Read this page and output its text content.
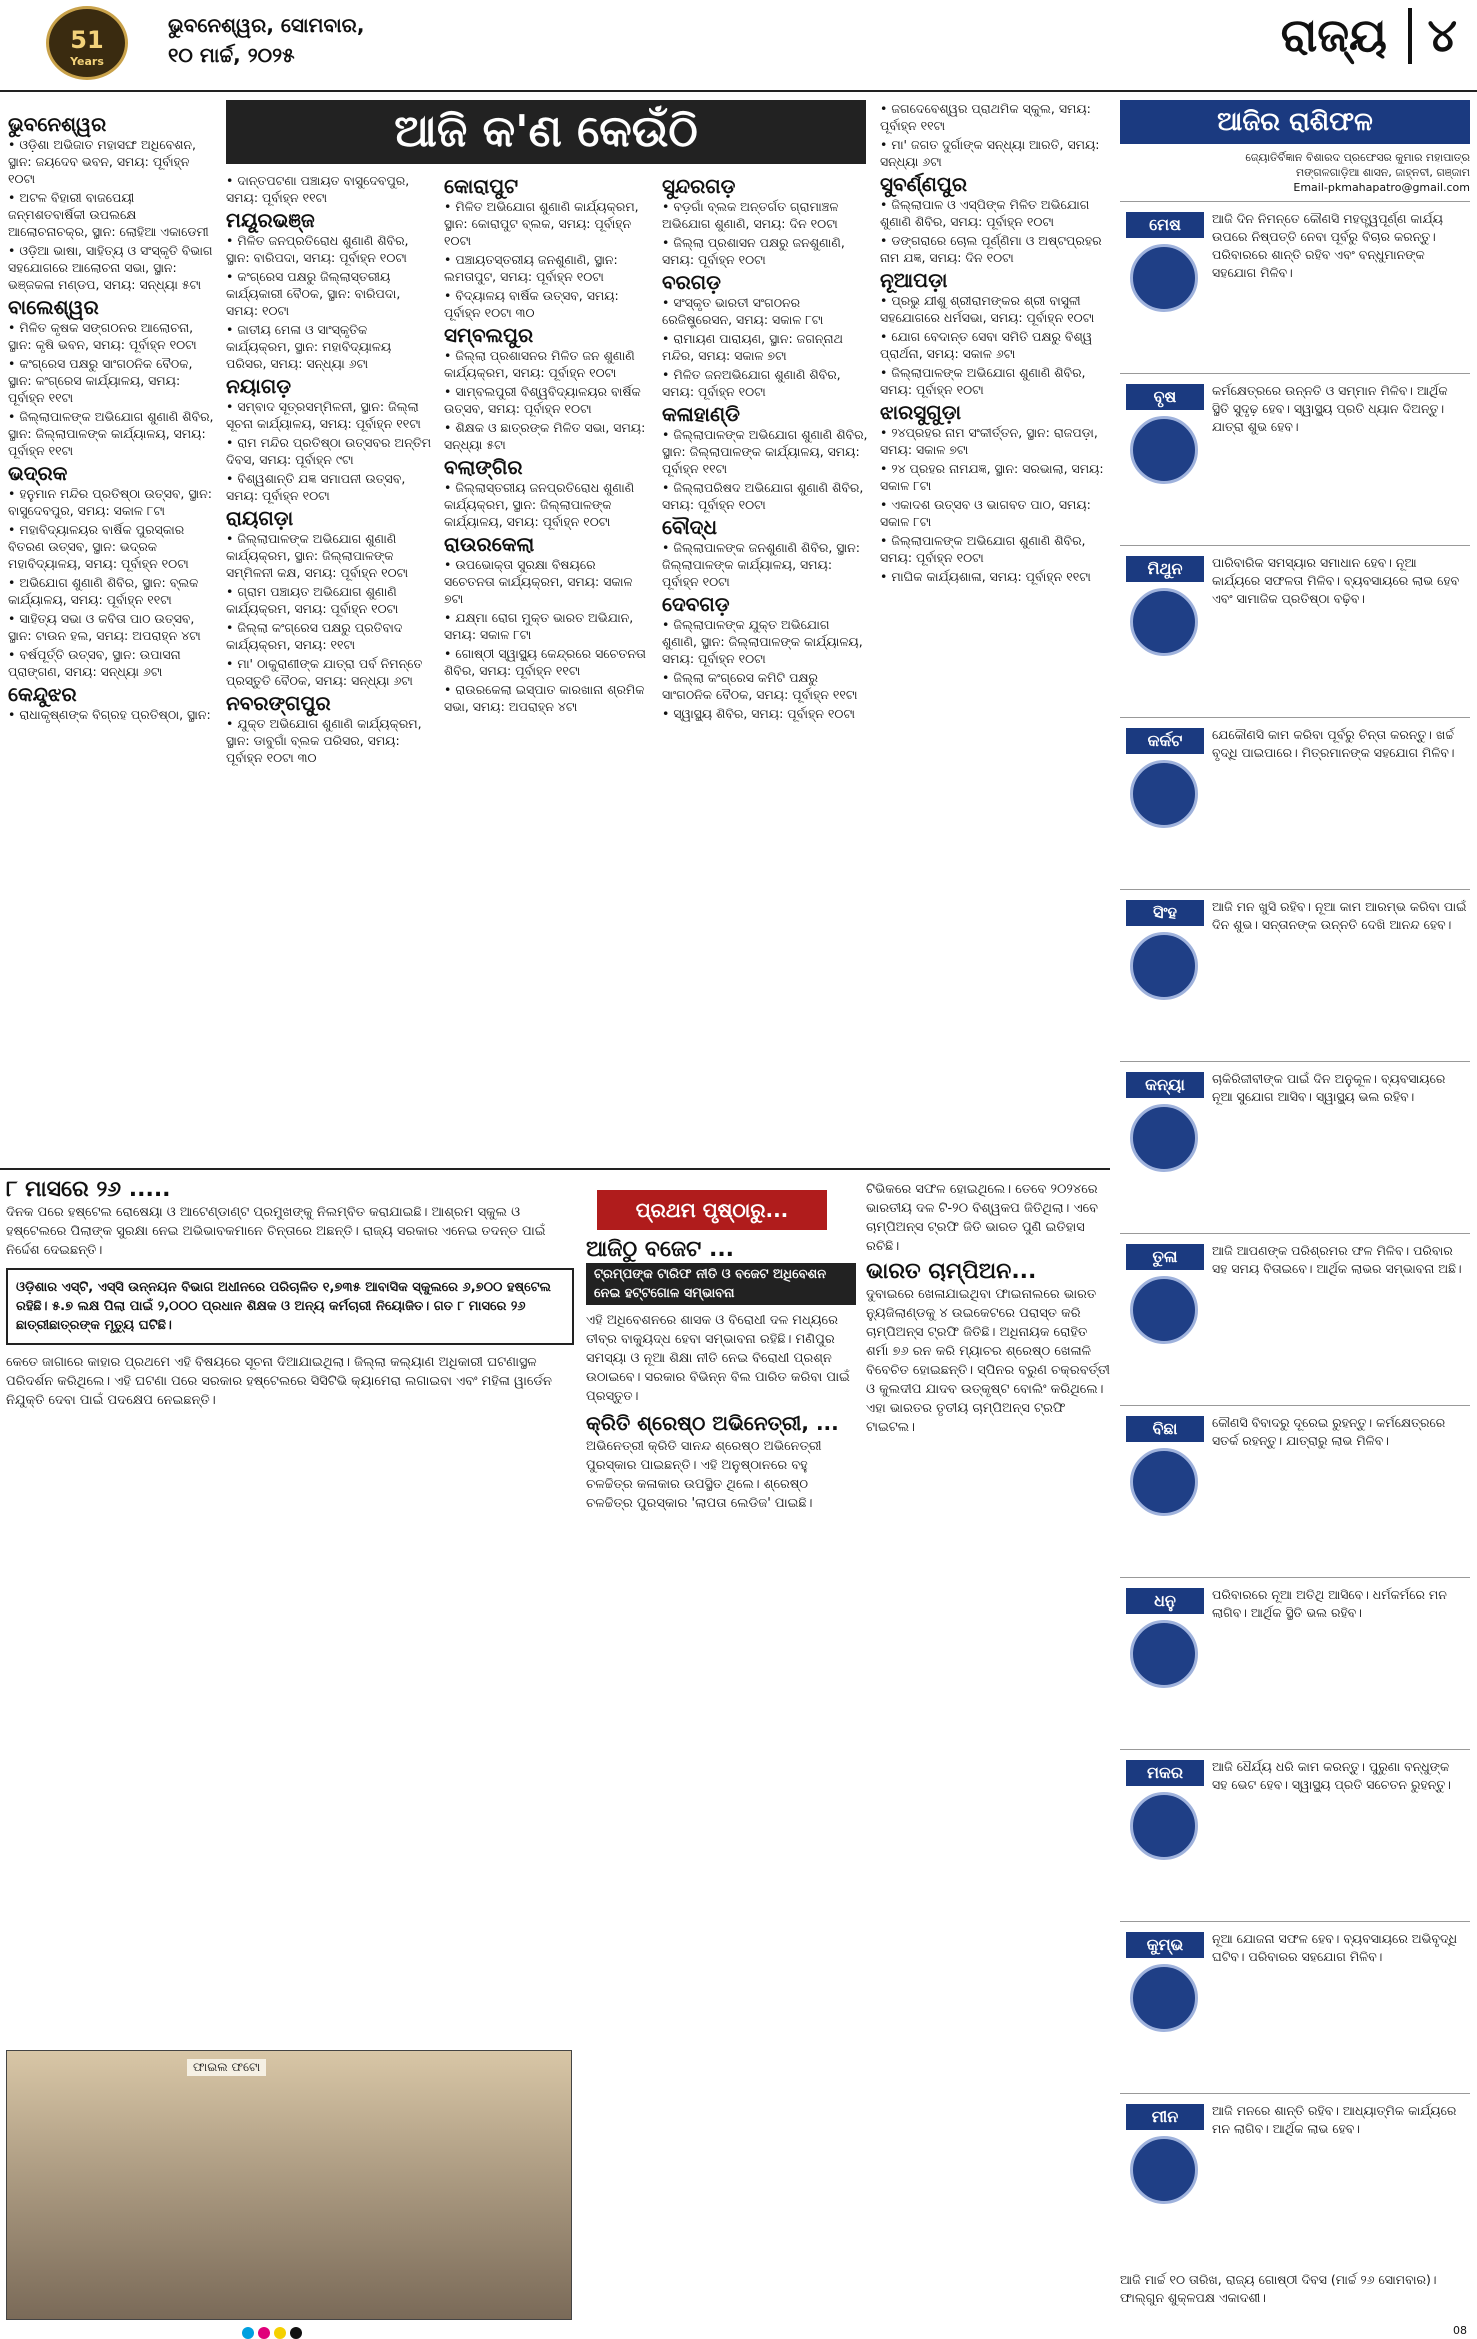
51
Years
ଭୁବନେଶ୍ୱର, ସୋମବାର,
୧୦ ମାର୍ଚ୍ଚ, ୨୦୨୫	ରାଜ୍ୟ ୪
ଆଜି କ'ଣ କେଉଁଠି
ଭୁବନେଶ୍ୱର

• ଓଡ଼ିଶା ଅଭିଜାତ ମହାସଙ୍ଘ ଅଧିବେଶନ, ସ୍ଥାନ: ଜୟଦେବ ଭବନ, ସମୟ: ପୂର୍ବାହ୍ନ ୧୦ଟା

• ଅଟଳ ବିହାରୀ ବାଜପେୟୀ ଜନ୍ମଶତବାର୍ଷିକୀ ଉପଲକ୍ଷେ ଆଲୋଚନାଚକ୍ର, ସ୍ଥାନ: ଲୋହିଆ ଏକାଡେମୀ

• ଓଡ଼ିଆ ଭାଷା, ସାହିତ୍ୟ ଓ ସଂସ୍କୃତି ବିଭାଗ ସହଯୋଗରେ ଆଲୋଚନା ସଭା, ସ୍ଥାନ: ଭଞ୍ଜକଳା ମଣ୍ଡପ, ସମୟ: ସନ୍ଧ୍ୟା ୫ଟା

ବାଲେଶ୍ୱର

• ମିଳିତ କୃଷକ ସଙ୍ଗଠନର ଆଲୋଚନା, ସ୍ଥାନ: କୃଷି ଭବନ, ସମୟ: ପୂର୍ବାହ୍ନ ୧୦ଟା

• କଂଗ୍ରେସ ପକ୍ଷରୁ ସାଂଗଠନିକ ବୈଠକ, ସ୍ଥାନ: କଂଗ୍ରେସ କାର୍ଯ୍ୟାଳୟ, ସମୟ: ପୂର୍ବାହ୍ନ ୧୧ଟା

• ଜିଲ୍ଲାପାଳଙ୍କ ଅଭିଯୋଗ ଶୁଣାଣି ଶିବିର, ସ୍ଥାନ: ଜିଲ୍ଲାପାଳଙ୍କ କାର୍ଯ୍ୟାଳୟ, ସମୟ: ପୂର୍ବାହ୍ନ ୧୧ଟା

ଭଦ୍ରକ

• ହନୁମାନ ମନ୍ଦିର ପ୍ରତିଷ୍ଠା ଉତ୍ସବ, ସ୍ଥାନ: ବାସୁଦେବପୁର, ସମୟ: ସକାଳ ୮ଟା

• ମହାବିଦ୍ୟାଳୟର ବାର୍ଷିକ ପୁରସ୍କାର ବିତରଣ ଉତ୍ସବ, ସ୍ଥାନ: ଭଦ୍ରକ ମହାବିଦ୍ୟାଳୟ, ସମୟ: ପୂର୍ବାହ୍ନ ୧୦ଟା

• ଅଭିଯୋଗ ଶୁଣାଣି ଶିବିର, ସ୍ଥାନ: ବ୍ଲକ କାର୍ଯ୍ୟାଳୟ, ସମୟ: ପୂର୍ବାହ୍ନ ୧୧ଟା

• ସାହିତ୍ୟ ସଭା ଓ କବିତା ପାଠ ଉତ୍ସବ, ସ୍ଥାନ: ଟାଉନ ହଲ, ସମୟ: ଅପରାହ୍ନ ୪ଟା

• ବର୍ଷପୂର୍ତ୍ତି ଉତ୍ସବ, ସ୍ଥାନ: ଉପାସନା ପ୍ରାଙ୍ଗଣ, ସମୟ: ସନ୍ଧ୍ୟା ୬ଟା

କେନ୍ଦୁଝର

• ରାଧାକୃଷ୍ଣଙ୍କ ବିଗ୍ରହ ପ୍ରତିଷ୍ଠା, ସ୍ଥାନ:

• ଦାନ୍ତପଟଣା ପଞ୍ଚାୟତ ବାସୁଦେବପୁର, ସମୟ: ପୂର୍ବାହ୍ନ ୧୧ଟା

ମୟୂରଭଞ୍ଜ

• ମିଳିତ ଜନପ୍ରତିରୋଧ ଶୁଣାଣି ଶିବିର, ସ୍ଥାନ: ବାରିପଦା, ସମୟ: ପୂର୍ବାହ୍ନ ୧୦ଟା

• କଂଗ୍ରେସ ପକ୍ଷରୁ ଜିଲ୍ଲାସ୍ତରୀୟ କାର୍ଯ୍ୟକାରୀ ବୈଠକ, ସ୍ଥାନ: ବାରିପଦା, ସମୟ: ୧୦ଟା

• ଜାତୀୟ ମେଳା ଓ ସାଂସ୍କୃତିକ କାର୍ଯ୍ୟକ୍ରମ, ସ୍ଥାନ: ମହାବିଦ୍ୟାଳୟ ପରିସର, ସମୟ: ସନ୍ଧ୍ୟା ୬ଟା

ନୟାଗଡ଼

• ସମ୍ବାଦ ସୂତ୍ରସମ୍ମିଳନୀ, ସ୍ଥାନ: ଜିଲ୍ଲା ସୂଚନା କାର୍ଯ୍ୟାଳୟ, ସମୟ: ପୂର୍ବାହ୍ନ ୧୧ଟା

• ରାମ ମନ୍ଦିର ପ୍ରତିଷ୍ଠା ଉତ୍ସବର ଅନ୍ତିମ ଦିବସ, ସମୟ: ପୂର୍ବାହ୍ନ ୯ଟା

• ବିଶ୍ୱଶାନ୍ତି ଯଜ୍ଞ ସମାପନୀ ଉତ୍ସବ, ସମୟ: ପୂର୍ବାହ୍ନ ୧୦ଟା

ରାୟଗଡ଼ା

• ଜିଲ୍ଲାପାଳଙ୍କ ଅଭିଯୋଗ ଶୁଣାଣି କାର୍ଯ୍ୟକ୍ରମ, ସ୍ଥାନ: ଜିଲ୍ଲାପାଳଙ୍କ ସମ୍ମିଳନୀ କକ୍ଷ, ସମୟ: ପୂର୍ବାହ୍ନ ୧୦ଟା

• ଗ୍ରାମ ପଞ୍ଚାୟତ ଅଭିଯୋଗ ଶୁଣାଣି କାର୍ଯ୍ୟକ୍ରମ, ସମୟ: ପୂର୍ବାହ୍ନ ୧୦ଟା

• ଜିଲ୍ଲା କଂଗ୍ରେସ ପକ୍ଷରୁ ପ୍ରତିବାଦ କାର୍ଯ୍ୟକ୍ରମ, ସମୟ: ୧୧ଟା

• ମା' ଠାକୁରାଣୀଙ୍କ ଯାତ୍ରା ପର୍ବ ନିମନ୍ତେ ପ୍ରସ୍ତୁତି ବୈଠକ, ସମୟ: ସନ୍ଧ୍ୟା ୬ଟା

ନବରଙ୍ଗପୁର

• ଯୁକ୍ତ ଅଭିଯୋଗ ଶୁଣାଣି କାର୍ଯ୍ୟକ୍ରମ, ସ୍ଥାନ: ଡାବୁଗାଁ ବ୍ଲକ ପରିସର, ସମୟ: ପୂର୍ବାହ୍ନ ୧୦ଟା ୩୦

କୋରାପୁଟ

• ମିଳିତ ଅଭିଯୋଗ ଶୁଣାଣି କାର୍ଯ୍ୟକ୍ରମ, ସ୍ଥାନ: କୋରାପୁଟ ବ୍ଲକ, ସମୟ: ପୂର୍ବାହ୍ନ ୧୦ଟା

• ପଞ୍ଚାୟତସ୍ତରୀୟ ଜନଶୁଣାଣି, ସ୍ଥାନ: ଲମତାପୁଟ, ସମୟ: ପୂର୍ବାହ୍ନ ୧୦ଟା

• ବିଦ୍ୟାଳୟ ବାର୍ଷିକ ଉତ୍ସବ, ସମୟ: ପୂର୍ବାହ୍ନ ୧୦ଟା ୩୦

ସମ୍ବଲପୁର

• ଜିଲ୍ଲା ପ୍ରଶାସନର ମିଳିତ ଜନ ଶୁଣାଣି କାର୍ଯ୍ୟକ୍ରମ, ସମୟ: ପୂର୍ବାହ୍ନ ୧୦ଟା

• ସାମ୍ବଲପୁରୀ ବିଶ୍ୱବିଦ୍ୟାଳୟର ବାର୍ଷିକ ଉତ୍ସବ, ସମୟ: ପୂର୍ବାହ୍ନ ୧୦ଟା

• ଶିକ୍ଷକ ଓ ଛାତ୍ରଙ୍କ ମିଳିତ ସଭା, ସମୟ: ସନ୍ଧ୍ୟା ୫ଟା

ବଲାଙ୍ଗିର

• ଜିଲ୍ଲାସ୍ତରୀୟ ଜନପ୍ରତିରୋଧ ଶୁଣାଣି କାର୍ଯ୍ୟକ୍ରମ, ସ୍ଥାନ: ଜିଲ୍ଲାପାଳଙ୍କ କାର୍ଯ୍ୟାଳୟ, ସମୟ: ପୂର୍ବାହ୍ନ ୧୦ଟା

ରାଉରକେଲା

• ଉପଭୋକ୍ତା ସୁରକ୍ଷା ବିଷୟରେ ସଚେତନତା କାର୍ଯ୍ୟକ୍ରମ, ସମୟ: ସକାଳ ୭ଟା

• ଯକ୍ଷ୍ମା ରୋଗ ମୁକ୍ତ ଭାରତ ଅଭିଯାନ, ସମୟ: ସକାଳ ୮ଟା

• ଗୋଷ୍ଠୀ ସ୍ୱାସ୍ଥ୍ୟ କେନ୍ଦ୍ରରେ ସଚେତନତା ଶିବିର, ସମୟ: ପୂର୍ବାହ୍ନ ୧୧ଟା

• ରାଉରକେଲା ଇସ୍ପାତ କାରଖାନା ଶ୍ରମିକ ସଭା, ସମୟ: ଅପରାହ୍ନ ୪ଟା

ସୁନ୍ଦରଗଡ଼

• ବଡ଼ଗାଁ ବ୍ଲକ ଅନ୍ତର୍ଗତ ଗ୍ରାମାଞ୍ଚଳ ଅଭିଯୋଗ ଶୁଣାଣି, ସମୟ: ଦିନ ୧୦ଟା

• ଜିଲ୍ଲା ପ୍ରଶାସନ ପକ୍ଷରୁ ଜନଶୁଣାଣି, ସମୟ: ପୂର୍ବାହ୍ନ ୧୦ଟା

ବରଗଡ଼

• ସଂସ୍କୃତ ଭାରତୀ ସଂଗଠନର ରେଜିଷ୍ଟ୍ରେସନ, ସମୟ: ସକାଳ ୮ଟା

• ରାମାୟଣ ପାରାୟଣ, ସ୍ଥାନ: ଜଗନ୍ନାଥ ମନ୍ଦିର, ସମୟ: ସକାଳ ୭ଟା

• ମିଳିତ ଜନଅଭିଯୋଗ ଶୁଣାଣି ଶିବିର, ସମୟ: ପୂର୍ବାହ୍ନ ୧୦ଟା

କଳାହାଣ୍ଡି

• ଜିଲ୍ଲାପାଳଙ୍କ ଅଭିଯୋଗ ଶୁଣାଣି ଶିବିର, ସ୍ଥାନ: ଜିଲ୍ଲାପାଳଙ୍କ କାର୍ଯ୍ୟାଳୟ, ସମୟ: ପୂର୍ବାହ୍ନ ୧୧ଟା

• ଜିଲ୍ଲାପରିଷଦ ଅଭିଯୋଗ ଶୁଣାଣି ଶିବିର, ସମୟ: ପୂର୍ବାହ୍ନ ୧୦ଟା

ବୌଦ୍ଧ

• ଜିଲ୍ଲାପାଳଙ୍କ ଜନଶୁଣାଣି ଶିବିର, ସ୍ଥାନ: ଜିଲ୍ଲାପାଳଙ୍କ କାର୍ଯ୍ୟାଳୟ, ସମୟ: ପୂର୍ବାହ୍ନ ୧୦ଟା

ଦେବଗଡ଼

• ଜିଲ୍ଲାପାଳଙ୍କ ଯୁକ୍ତ ଅଭିଯୋଗ ଶୁଣାଣି, ସ୍ଥାନ: ଜିଲ୍ଲାପାଳଙ୍କ କାର୍ଯ୍ୟାଳୟ, ସମୟ: ପୂର୍ବାହ୍ନ ୧୦ଟା

• ଜିଲ୍ଲା କଂଗ୍ରେସ କମିଟି ପକ୍ଷରୁ ସାଂଗଠନିକ ବୈଠକ, ସମୟ: ପୂର୍ବାହ୍ନ ୧୧ଟା

• ସ୍ୱାସ୍ଥ୍ୟ ଶିବିର, ସମୟ: ପୂର୍ବାହ୍ନ ୧୦ଟା

• ଜଗଦେବେଶ୍ୱର ପ୍ରାଥମିକ ସ୍କୁଲ, ସମୟ: ପୂର୍ବାହ୍ନ ୧୧ଟା

• ମା' ଜଗତ ଦୁର୍ଗାଙ୍କ ସନ୍ଧ୍ୟା ଆରତି, ସମୟ: ସନ୍ଧ୍ୟା ୬ଟା

ସୁବର୍ଣ୍ଣପୁର

• ଜିଲ୍ଲାପାଳ ଓ ଏସ୍‌ପିଙ୍କ ମିଳିତ ଅଭିଯୋଗ ଶୁଣାଣି ଶିବିର, ସମୟ: ପୂର୍ବାହ୍ନ ୧୦ଟା

• ଡଙ୍ଗରାରେ ଚୋଲ ପୂର୍ଣ୍ଣିମା ଓ ଅଷ୍ଟପ୍ରହର ନାମ ଯଜ୍ଞ, ସମୟ: ଦିନ ୧୦ଟା

ନୂଆପଡ଼ା

• ପ୍ରଭୁ ଯୀଶୁ ଶ୍ରୀରାମଙ୍କର ଶ୍ରୀ ବାସୁଳୀ ସହଯୋଗରେ ଧର୍ମସଭା, ସମୟ: ପୂର୍ବାହ୍ନ ୧୦ଟା

• ଯୋଗ ବେଦାନ୍ତ ସେବା ସମିତି ପକ୍ଷରୁ ବିଶ୍ୱ ପ୍ରାର୍ଥନା, ସମୟ: ସକାଳ ୬ଟା

• ଜିଲ୍ଲାପାଳଙ୍କ ଅଭିଯୋଗ ଶୁଣାଣି ଶିବିର, ସମୟ: ପୂର୍ବାହ୍ନ ୧୦ଟା

ଝାରସୁଗୁଡ଼ା

• ୨୪ପ୍ରହର ନାମ ସଂକୀର୍ତ୍ତନ, ସ୍ଥାନ: ରାଜପଡ଼ା, ସମୟ: ସକାଳ ୭ଟା

• ୨୪ ପ୍ରହର ନାମଯଜ୍ଞ, ସ୍ଥାନ: ସରଭାଲା, ସମୟ: ସକାଳ ୮ଟା

• ଏକାଦଶ ଉତ୍ସବ ଓ ଭାଗବତ ପାଠ, ସମୟ: ସକାଳ ୮ଟା

• ଜିଲ୍ଲାପାଳଙ୍କ ଅଭିଯୋଗ ଶୁଣାଣି ଶିବିର, ସମୟ: ପୂର୍ବାହ୍ନ ୧୦ଟା

• ମାଘିକ କାର୍ଯ୍ୟଶାଳା, ସମୟ: ପୂର୍ବାହ୍ନ ୧୧ଟା

ଆଜିର ରାଶିଫଳ
ଜ୍ୟୋତିର୍ବିଜ୍ଞାନ ବିଶାରଦ ପ୍ରଫେସର କୁମାର ମହାପାତ୍ର
ମଙ୍ଗଳଗାଡ଼ିଆ ଶାସନ, ଜାହ୍ନବୀ, ଗଞ୍ଜାମ
Email-pkmahapatro@gmail.com
ମେଷ	ଆଜି ଦିନ ନିମନ୍ତେ କୌଣସି ମହତ୍ତ୍ୱପୂର୍ଣ୍ଣ କାର୍ଯ୍ୟ ଉପରେ ନିଷ୍ପତ୍ତି ନେବା ପୂର୍ବରୁ ବିଚାର କରନ୍ତୁ। ପରିବାରରେ ଶାନ୍ତି ରହିବ ଏବଂ ବନ୍ଧୁମାନଙ୍କ ସହଯୋଗ ମିଳିବ।
ବୃଷ	କର୍ମକ୍ଷେତ୍ରରେ ଉନ୍ନତି ଓ ସମ୍ମାନ ମିଳିବ। ଆର୍ଥିକ ସ୍ଥିତି ସୁଦୃଢ଼ ହେବ। ସ୍ୱାସ୍ଥ୍ୟ ପ୍ରତି ଧ୍ୟାନ ଦିଅନ୍ତୁ। ଯାତ୍ରା ଶୁଭ ହେବ।
ମିଥୁନ	ପାରିବାରିକ ସମସ୍ୟାର ସମାଧାନ ହେବ। ନୂଆ କାର୍ଯ୍ୟରେ ସଫଳତା ମିଳିବ। ବ୍ୟବସାୟରେ ଲାଭ ହେବ ଏବଂ ସାମାଜିକ ପ୍ରତିଷ୍ଠା ବଢ଼ିବ।
କର୍କଟ	ଯେକୌଣସି କାମ କରିବା ପୂର୍ବରୁ ଚିନ୍ତା କରନ୍ତୁ। ଖର୍ଚ୍ଚ ବୃଦ୍ଧି ପାଇପାରେ। ମିତ୍ରମାନଙ୍କ ସହଯୋଗ ମିଳିବ।
ସିଂହ	ଆଜି ମନ ଖୁସି ରହିବ। ନୂଆ କାମ ଆରମ୍ଭ କରିବା ପାଇଁ ଦିନ ଶୁଭ। ସନ୍ତାନଙ୍କ ଉନ୍ନତି ଦେଖି ଆନନ୍ଦ ହେବ।
କନ୍ୟା	ଚାକିରିଜୀବୀଙ୍କ ପାଇଁ ଦିନ ଅନୁକୂଳ। ବ୍ୟବସାୟରେ ନୂଆ ସୁଯୋଗ ଆସିବ। ସ୍ୱାସ୍ଥ୍ୟ ଭଲ ରହିବ।
ତୁଳା	ଆଜି ଆପଣଙ୍କ ପରିଶ୍ରମର ଫଳ ମିଳିବ। ପରିବାର ସହ ସମୟ ବିତାଇବେ। ଆର୍ଥିକ ଲାଭର ସମ୍ଭାବନା ଅଛି।
ବିଛା	କୌଣସି ବିବାଦରୁ ଦୂରେଇ ରୁହନ୍ତୁ। କର୍ମକ୍ଷେତ୍ରରେ ସତର୍କ ରହନ୍ତୁ। ଯାତ୍ରାରୁ ଲାଭ ମିଳିବ।
ଧନୁ	ପରିବାରରେ ନୂଆ ଅତିଥି ଆସିବେ। ଧର୍ମକର୍ମରେ ମନ ଲାଗିବ। ଆର୍ଥିକ ସ୍ଥିତି ଭଲ ରହିବ।
ମକର	ଆଜି ଧୈର୍ଯ୍ୟ ଧରି କାମ କରନ୍ତୁ। ପୁରୁଣା ବନ୍ଧୁଙ୍କ ସହ ଭେଟ ହେବ। ସ୍ୱାସ୍ଥ୍ୟ ପ୍ରତି ସଚେତନ ରୁହନ୍ତୁ।
କୁମ୍ଭ	ନୂଆ ଯୋଜନା ସଫଳ ହେବ। ବ୍ୟବସାୟରେ ଅଭିବୃଦ୍ଧି ଘଟିବ। ପରିବାରର ସହଯୋଗ ମିଳିବ।
ମୀନ	ଆଜି ମନରେ ଶାନ୍ତି ରହିବ। ଆଧ୍ୟାତ୍ମିକ କାର୍ଯ୍ୟରେ ମନ ଲାଗିବ। ଆର୍ଥିକ ଲାଭ ହେବ।
ଆଜି ମାର୍ଚ୍ଚ ୧୦ ତାରିଖ, ରାଜ୍ୟ ଗୋଷ୍ଠୀ ଦିବସ (ମାର୍ଚ୍ଚ ୨୬ ସୋମବାର)। ଫାଲ୍‌ଗୁନ ଶୁକ୍ଳପକ୍ଷ ଏକାଦଶୀ।
୮ ମାସରେ ୨୬ .....

ଦିନକ ପରେ ହଷ୍ଟେଲ ରୋଷେୟା ଓ ଆଟେଣ୍ଡାଣ୍ଟ ପ୍ରମୁଖଙ୍କୁ ନିଲମ୍ବିତ କରାଯାଇଛି। ଆଶ୍ରମ ସ୍କୁଲ ଓ ହଷ୍ଟେଲରେ ପିଲାଙ୍କ ସୁରକ୍ଷା ନେଇ ଅଭିଭାବକମାନେ ଚିନ୍ତାରେ ଅଛନ୍ତି। ରାଜ୍ୟ ସରକାର ଏନେଇ ତଦନ୍ତ ପାଇଁ ନିର୍ଦ୍ଦେଶ ଦେଇଛନ୍ତି।

ଓଡ଼ିଶାର ଏସ୍‌ଟି, ଏସ୍‌ସି ଉନ୍ନୟନ ବିଭାଗ ଅଧୀନରେ ପରିଚାଳିତ ୧,୭୩୫ ଆବାସିକ ସ୍କୁଲରେ ୬,୭୦୦ ହଷ୍ଟେଲ ରହିଛି। ୫.୭ ଲକ୍ଷ ପିଲା ପାଇଁ ୨,୦୦୦ ପ୍ରଧାନ ଶିକ୍ଷକ ଓ ଅନ୍ୟ କର୍ମଚାରୀ ନିୟୋଜିତ। ଗତ ୮ ମାସରେ ୨୬ ଛାତ୍ରୀଛାତ୍ରଙ୍କ ମୃତ୍ୟୁ ଘଟିଛି।

କେତେ ଜାଗାରେ କାହାର ପ୍ରଥମେ ଏହି ବିଷୟରେ ସୂଚନା ଦିଆଯାଇଥିଲା। ଜିଲ୍ଲା କଲ୍ୟାଣ ଅଧିକାରୀ ଘଟଣାସ୍ଥଳ ପରିଦର୍ଶନ କରିଥିଲେ। ଏହି ଘଟଣା ପରେ ସରକାର ହଷ୍ଟେଲରେ ସିସିଟିଭି କ୍ୟାମେରା ଲଗାଇବା ଏବଂ ମହିଳା ୱାର୍ଡେନ ନିଯୁକ୍ତି ଦେବା ପାଇଁ ପଦକ୍ଷେପ ନେଇଛନ୍ତି।

ଫାଇଲ ଫଟୋ
ପ୍ରଥମ ପୃଷ୍ଠାରୁ...
ଆଜିଠୁ ବଜେଟ ...
ଟ୍ରମ୍ପଙ୍କ ଟାରିଫ ନୀତି ଓ ବଜେଟ ଅଧିବେଶନ ନେଇ ହଟ୍ଟଗୋଳ ସମ୍ଭାବନା

ଏହି ଅଧିବେଶନରେ ଶାସକ ଓ ବିରୋଧୀ ଦଳ ମଧ୍ୟରେ ତୀବ୍ର ବାକ୍ୟୁଦ୍ଧ ହେବା ସମ୍ଭାବନା ରହିଛି। ମଣିପୁର ସମସ୍ୟା ଓ ନୂଆ ଶିକ୍ଷା ନୀତି ନେଇ ବିରୋଧୀ ପ୍ରଶ୍ନ ଉଠାଇବେ। ସରକାର ବିଭିନ୍ନ ବିଲ ପାରିତ କରିବା ପାଇଁ ପ୍ରସ୍ତୁତ।

କ୍ରିତି ଶ୍ରେଷ୍ଠ ଅଭିନେତ୍ରୀ, ...

ଅଭିନେତ୍ରୀ କ୍ରିତି ସାନନ୍ଦ ଶ୍ରେଷ୍ଠ ଅଭିନେତ୍ରୀ ପୁରସ୍କାର ପାଇଛନ୍ତି। ଏହି ଅନୁଷ୍ଠାନରେ ବହୁ ଚଳଚ୍ଚିତ୍ର କଳାକାର ଉପସ୍ଥିତ ଥିଲେ। ଶ୍ରେଷ୍ଠ ଚଳଚ୍ଚିତ୍ର ପୁରସ୍କାର 'ଲାପତା ଲେଡିଜ' ପାଇଛି।

ଟିଭିକରେ ସଫଳ ହୋଇଥିଲେ। ତେବେ ୨୦୨୪ରେ ଭାରତୀୟ ଦଳ ଟି-୨୦ ବିଶ୍ୱକପ ଜିତିଥିଲା। ଏବେ ଚାମ୍ପିଅନ୍ସ ଟ୍ରଫି ଜିତି ଭାରତ ପୁଣି ଇତିହାସ ରଚିଛି।

ଭାରତ ଚାମ୍ପିଅନ...

ଦୁବାଇରେ ଖେଳାଯାଇଥିବା ଫାଇନାଲରେ ଭାରତ ନ୍ୟୁଜିଲାଣ୍ଡକୁ ୪ ଉଇକେଟରେ ପରାସ୍ତ କରି ଚାମ୍ପିଅନ୍ସ ଟ୍ରଫି ଜିତିଛି। ଅଧିନାୟକ ରୋହିତ ଶର୍ମା ୭୬ ରନ କରି ମ୍ୟାଚର ଶ୍ରେଷ୍ଠ ଖେଳାଳି ବିବେଚିତ ହୋଇଛନ୍ତି। ସ୍ପିନର ବରୁଣ ଚକ୍ରବର୍ତ୍ତୀ ଓ କୁଲଦୀପ ଯାଦବ ଉତ୍କୃଷ୍ଟ ବୋଲିଂ କରିଥିଲେ। ଏହା ଭାରତର ତୃତୀୟ ଚାମ୍ପିଅନ୍ସ ଟ୍ରଫି ଟାଇଟଲ।

08
